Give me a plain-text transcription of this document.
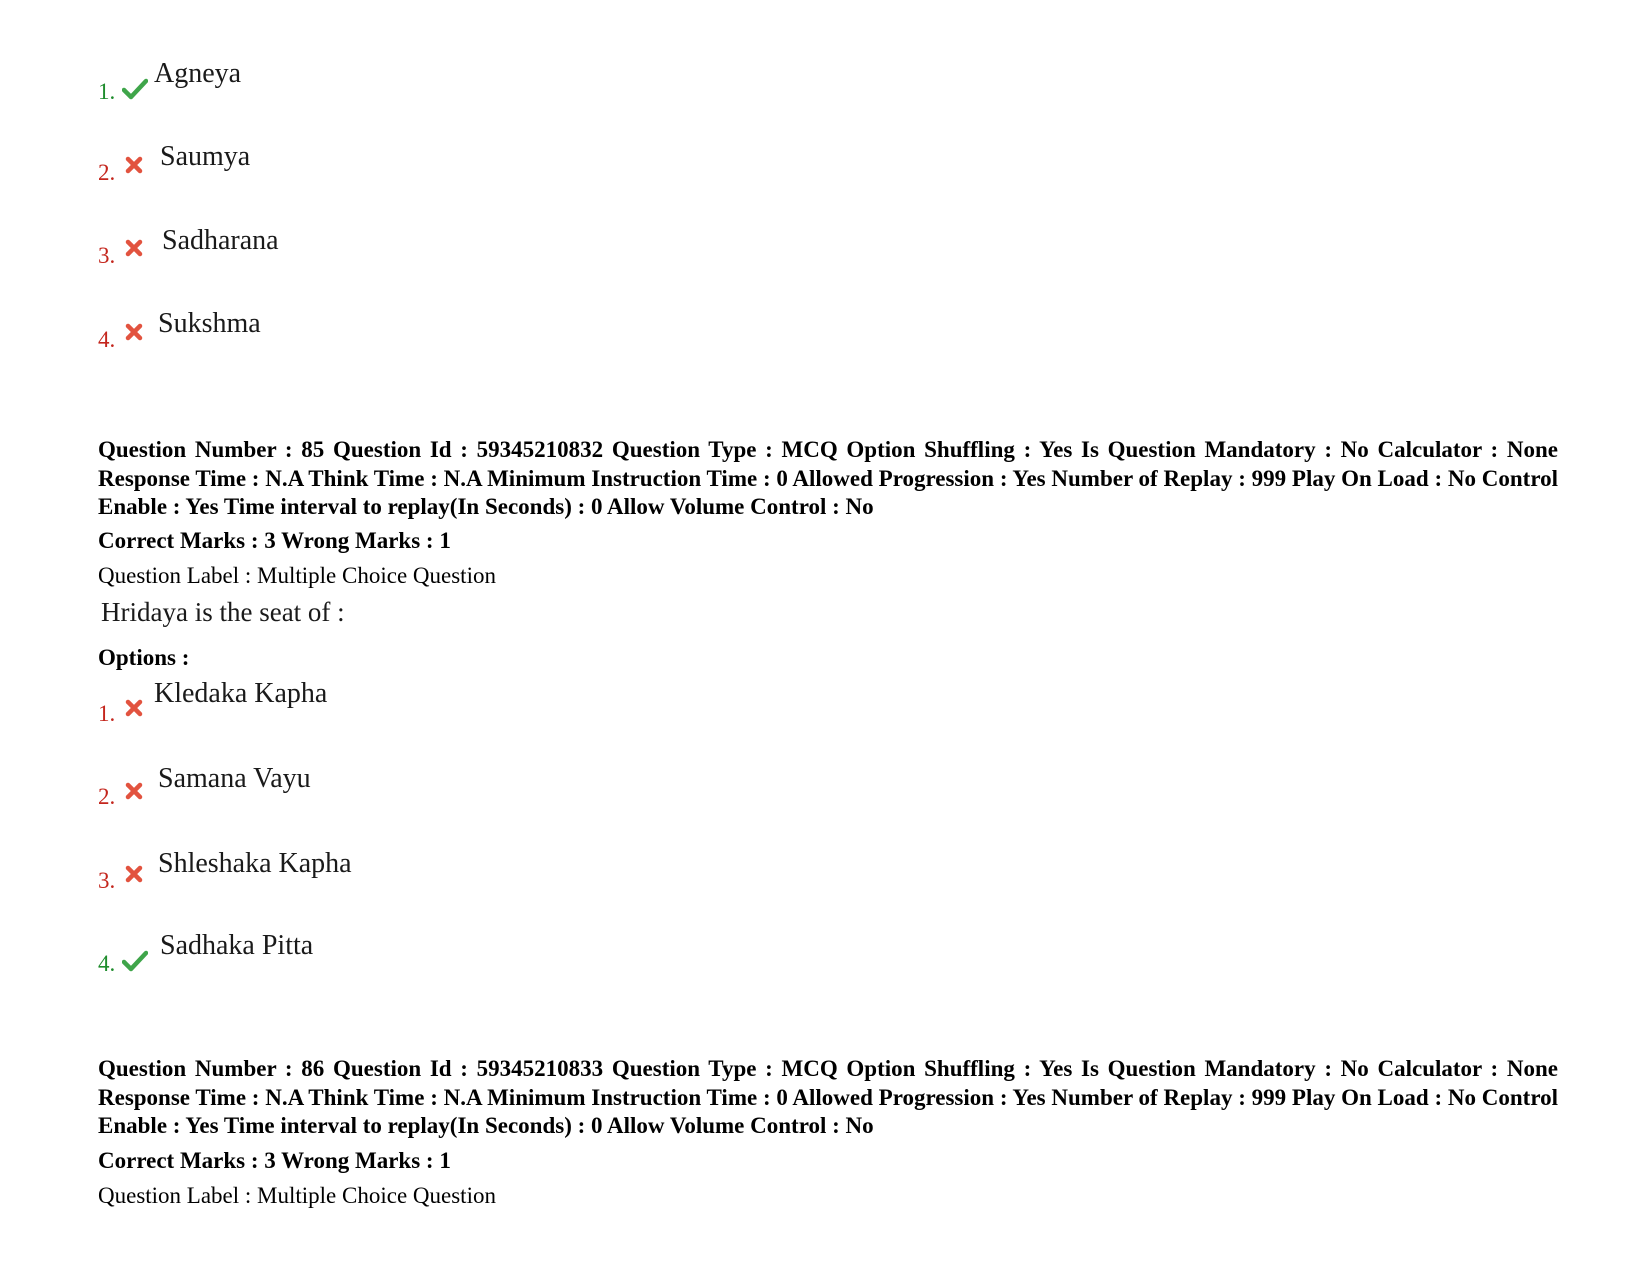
1.
Agneya
2.
Saumya
3. Sadharana
4.
Sukshma
Question Number : 85 Question Id : 59345210832 Question Type : MCQ Option Shuffling : Yes Is Question Mandatory : No Calculator : None Response Time : N.A Think Time : N.A Minimum Instruction Time : 0 Allowed Progression : Yes Number of Replay : 999 Play On Load : No Control Enable : Yes Time interval to replay(In Seconds) : 0 Allow Volume Control : No
Correct Marks : 3 Wrong Marks : 1
Question Label : Multiple Choice Question
Hridaya is the seat of :
Options :
1.
Kledaka Kapha
2.
Samana Vayu
3.
Shleshaka Kapha
4.
Sadhaka Pitta
Question Number : 86 Question Id : 59345210833 Question Type : MCQ Option Shuffling : Yes Is Question Mandatory : No Calculator : None Response Time : N.A Think Time : N.A Minimum Instruction Time : 0 Allowed Progression : Yes Number of Replay : 999 Play On Load : No Control Enable : Yes Time interval to replay(In Seconds) : 0 Allow Volume Control : No
Correct Marks : 3 Wrong Marks : 1
Question Label : Multiple Choice Question
